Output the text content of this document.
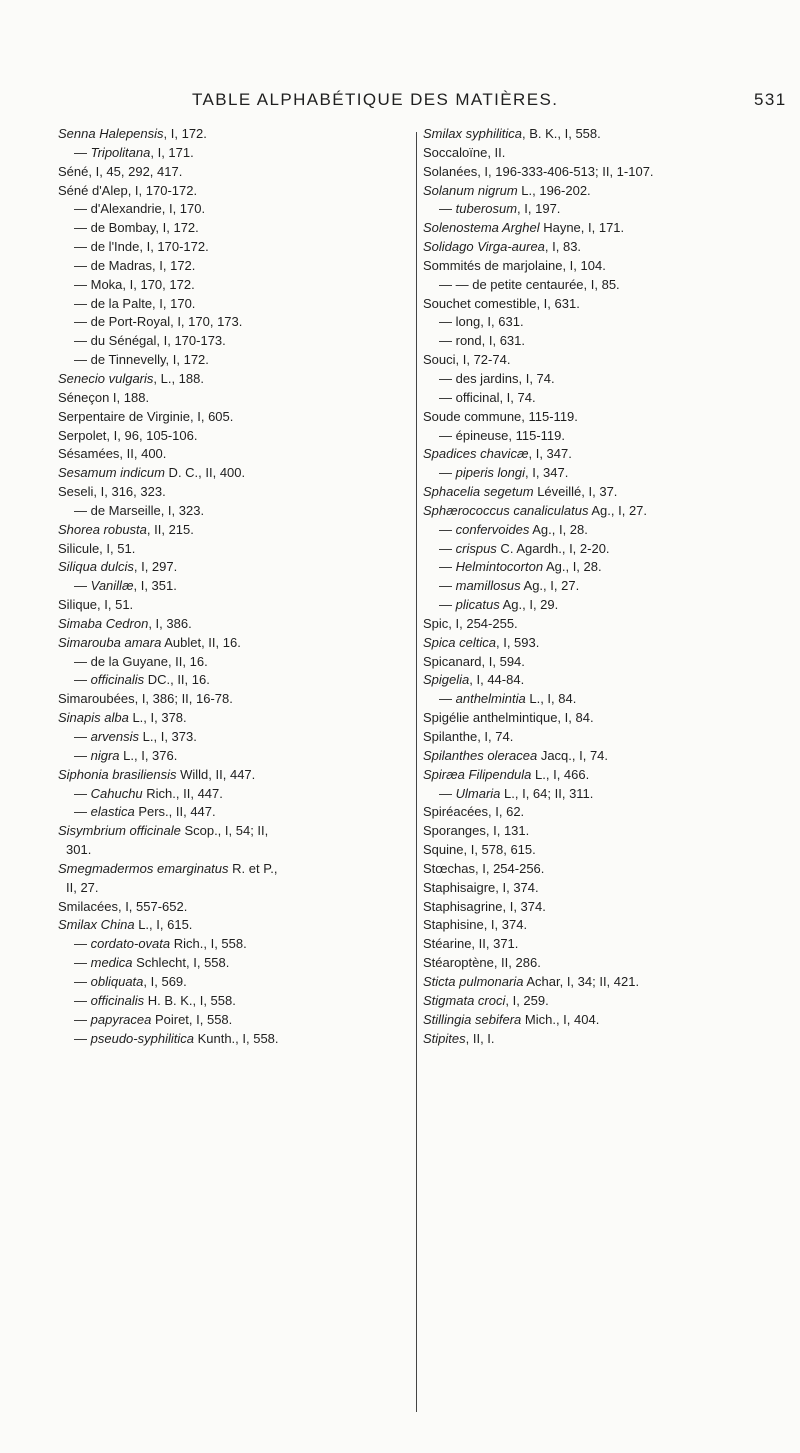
TABLE ALPHABÉTIQUE DES MATIÈRES.	531
Senna Halepensis, I, 172.
— Tripolitana, I, 171.
Séné, I, 45, 292, 417.
Séné d'Alep, I, 170-172.
— d'Alexandrie, I, 170.
— de Bombay, I, 172.
— de l'Inde, I, 170-172.
— de Madras, I, 172.
— Moka, I, 170, 172.
— de la Palte, I, 170.
— de Port-Royal, I, 170, 173.
— du Sénégal, I, 170-173.
— de Tinnevelly, I, 172.
Senecio vulgaris, L., 188.
Séneçon I, 188.
Serpentaire de Virginie, I, 605.
Serpolet, I, 96, 105-106.
Sésamées, II, 400.
Sesamum indicum D. C., II, 400.
Seseli, I, 316, 323.
— de Marseille, I, 323.
Shorea robusta, II, 215.
Silicule, I, 51.
Siliqua dulcis, I, 297.
— Vanillæ, I, 351.
Silique, I, 51.
Simaba Cedron, I, 386.
Simarouba amara Aublet, II, 16.
— de la Guyane, II, 16.
— officinalis DC., II, 16.
Simaroubées, I, 386; II, 16-78.
Sinapis alba L., I, 378.
— arvensis L., I, 373.
— nigra L., I, 376.
Siphonia brasiliensis Willd, II, 447.
— Cahuchu Rich., II, 447.
— elastica Pers., II, 447.
Sisymbrium officinale Scop., I, 54; II,
301.
Smegmadermos emarginatus R. et P.,
II, 27.
Smilacées, I, 557-652.
Smilax China L., I, 615.
— cordato-ovata Rich., I, 558.
— medica Schlecht, I, 558.
— obliquata, I, 569.
— officinalis H. B. K., I, 558.
— papyracea Poiret, I, 558.
— pseudo-syphilitica Kunth., I, 558.
Smilax syphilitica, B. K., I, 558.
Soccaloïne, II.
Solanées, I, 196-333-406-513; II, 1-107.
Solanum nigrum L., 196-202.
— tuberosum, I, 197.
Solenostema Arghel Hayne, I, 171.
Solidago Virga-aurea, I, 83.
Sommités de marjolaine, I, 104.
— — de petite centaurée, I, 85.
Souchet comestible, I, 631.
— long, I, 631.
— rond, I, 631.
Souci, I, 72-74.
— des jardins, I, 74.
— officinal, I, 74.
Soude commune, 115-119.
— épineuse, 115-119.
Spadices chavicæ, I, 347.
— piperis longi, I, 347.
Sphacelia segetum Léveillé, I, 37.
Sphærococcus canaliculatus Ag., I, 27.
— confervoides Ag., I, 28.
— crispus C. Agardh., I, 2-20.
— Helmintocorton Ag., I, 28.
— mamillosus Ag., I, 27.
— plicatus Ag., I, 29.
Spic, I, 254-255.
Spica celtica, I, 593.
Spicanard, I, 594.
Spigelia, I, 44-84.
— anthelmintia L., I, 84.
Spigélie anthelmintique, I, 84.
Spilanthe, I, 74.
Spilanthes oleracea Jacq., I, 74.
Spiræa Filipendula L., I, 466.
— Ulmaria L., I, 64; II, 311.
Spiréacées, I, 62.
Sporanges, I, 131.
Squine, I, 578, 615.
Stœchas, I, 254-256.
Staphisaigre, I, 374.
Staphisagrine, I, 374.
Staphisine, I, 374.
Stéarine, II, 371.
Stéaroptène, II, 286.
Sticta pulmonaria Achar, I, 34; II, 421.
Stigmata croci, I, 259.
Stillingia sebifera Mich., I, 404.
Stipites, II, I.
